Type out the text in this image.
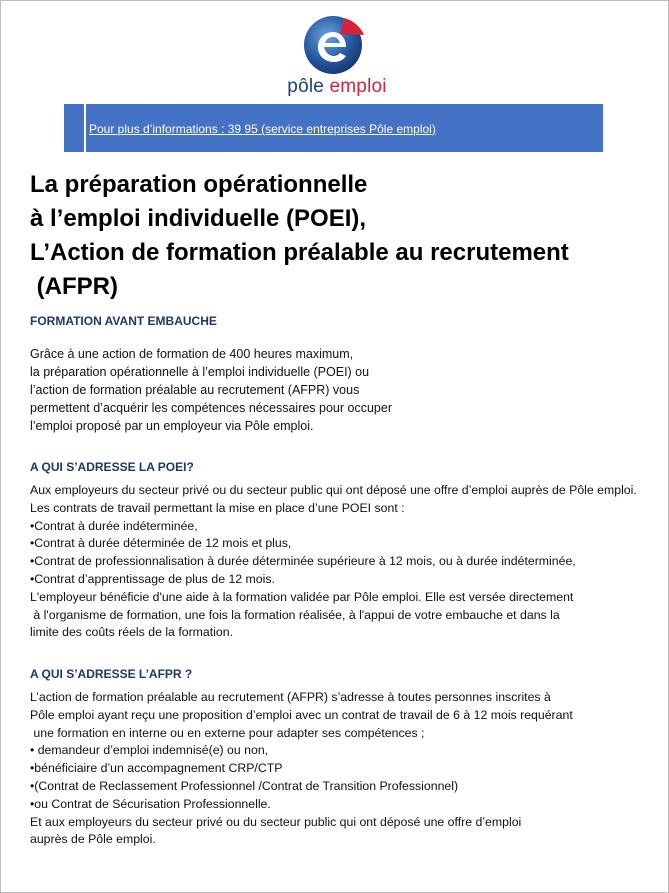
pôle emploi
Pour plus d’informations : 39 95 (service entreprises Pôle emploi)
La préparation opérationnelle
à l’emploi individuelle (POEI),
L’Action de formation préalable au recrutement
(AFPR)
FORMATION AVANT EMBAUCHE
Grâce à une action de formation de 400 heures maximum,
la préparation opérationnelle à l’emploi individuelle (POEI) ou
l’action de formation préalable au recrutement (AFPR) vous
permettent d’acquérir les compétences nécessaires pour occuper
l’emploi proposé par un employeur via Pôle emploi.
A QUI S’ADRESSE LA POEI?
Aux employeurs du secteur privé ou du secteur public qui ont déposé une offre d’emploi auprès de Pôle emploi.
Les contrats de travail permettant la mise en place d’une POEI sont :
•Contrat à durée indéterminée,
•Contrat à durée déterminée de 12 mois et plus,
•Contrat de professionnalisation à durée déterminée supérieure à 12 mois, ou à durée indéterminée,
•Contrat d’apprentissage de plus de 12 mois.
L'employeur bénéficie d'une aide à la formation validée par Pôle emploi. Elle est versée directement
à l'organisme de formation, une fois la formation réalisée, à l'appui de votre embauche et dans la
limite des coûts réels de la formation.
A QUI S’ADRESSE L’AFPR ?
L’action de formation préalable au recrutement (AFPR) s’adresse à toutes personnes inscrites à
Pôle emploi ayant reçu une proposition d’emploi avec un contrat de travail de 6 à 12 mois requérant
une formation en interne ou en externe pour adapter ses compétences ;
• demandeur d’emploi indemnisé(e) ou non,
•bénéficiaire d’un accompagnement CRP/CTP
•(Contrat de Reclassement Professionnel /Contrat de Transition Professionnel)
•ou Contrat de Sécurisation Professionnelle.
Et aux employeurs du secteur privé ou du secteur public qui ont déposé une offre d’emploi
auprès de Pôle emploi.
